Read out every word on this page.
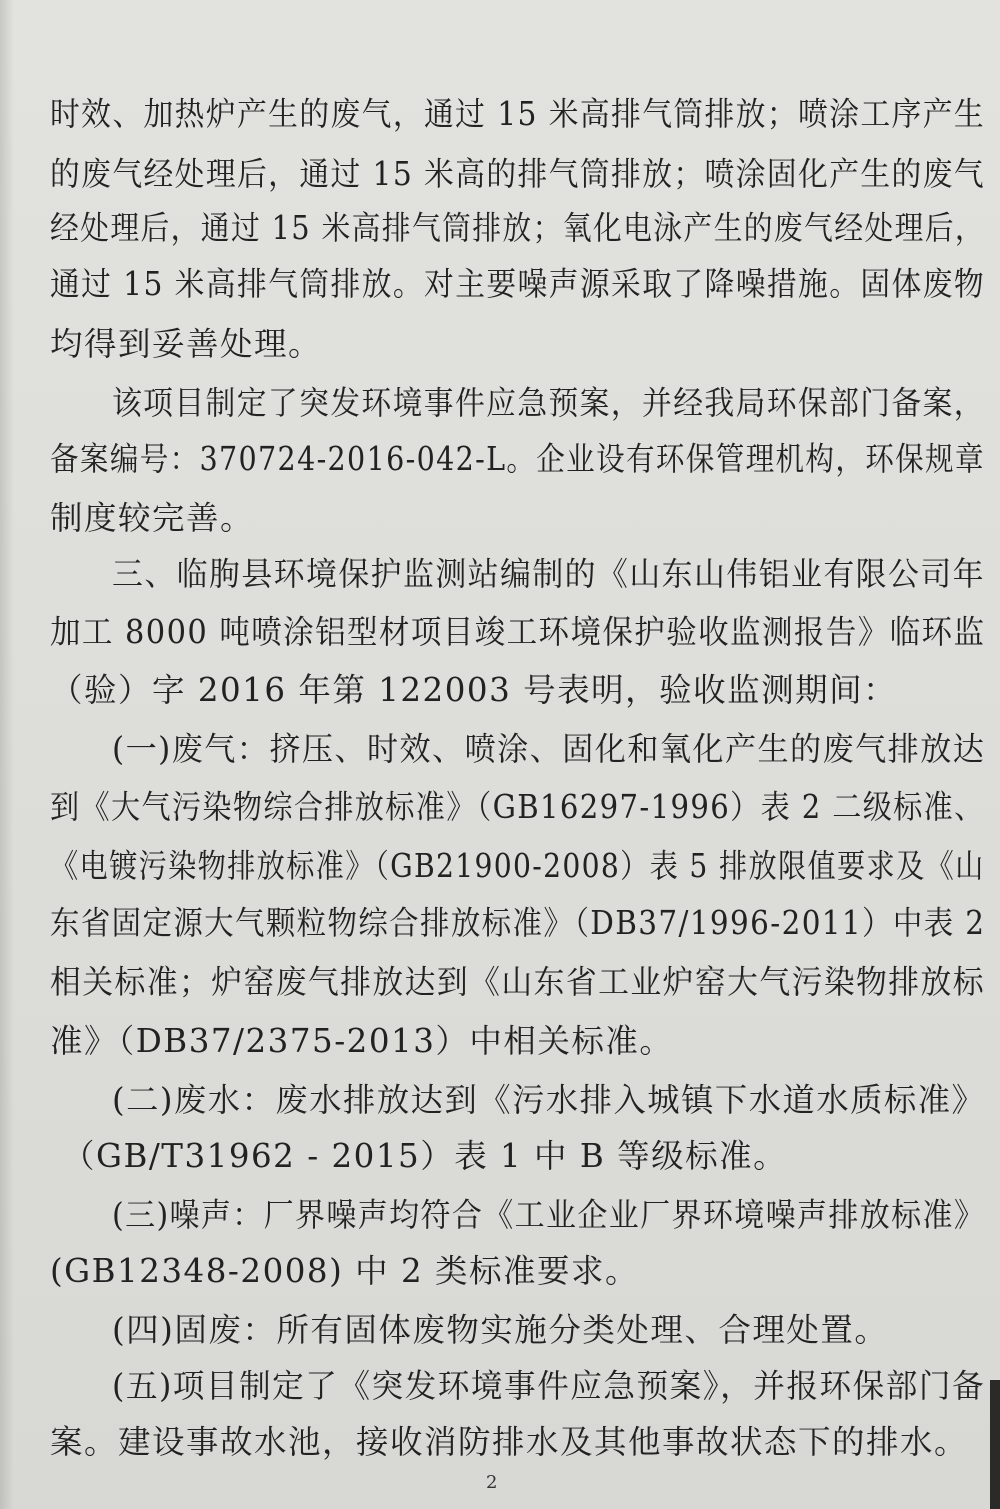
时效、加热炉产生的废气，通过 15 米高排气筒排放；喷涂工序产生

的废气经处理后，通过 15 米高的排气筒排放；喷涂固化产生的废气

经处理后，通过 15 米高排气筒排放；氧化电泳产生的废气经处理后，

通过 15 米高排气筒排放。对主要噪声源采取了降噪措施。固体废物

均得到妥善处理。

该项目制定了突发环境事件应急预案，并经我局环保部门备案，

备案编号：370724-2016-042-L。企业设有环保管理机构，环保规章

制度较完善。

三、临朐县环境保护监测站编制的《山东山伟铝业有限公司年

加工 8000 吨喷涂铝型材项目竣工环境保护验收监测报告》临环监

（验）字 2016 年第 122003 号表明，验收监测期间：

(一)废气：挤压、时效、喷涂、固化和氧化产生的废气排放达

到《大气污染物综合排放标准》（GB16297-1996）表 2 二级标准、

《电镀污染物排放标准》（GB21900-2008）表 5 排放限值要求及《山

东省固定源大气颗粒物综合排放标准》（DB37/1996-2011）中表 2

相关标准；炉窑废气排放达到《山东省工业炉窑大气污染物排放标

准》（DB37/2375-2013）中相关标准。

(二)废水：废水排放达到《污水排入城镇下水道水质标准》

（GB/T31962 - 2015）表 1 中 B 等级标准。

(三)噪声：厂界噪声均符合《工业企业厂界环境噪声排放标准》

(GB12348-2008) 中 2 类标准要求。

(四)固废：所有固体废物实施分类处理、合理处置。

(五)项目制定了《突发环境事件应急预案》，并报环保部门备

案。建设事故水池，接收消防排水及其他事故状态下的排水。

2
